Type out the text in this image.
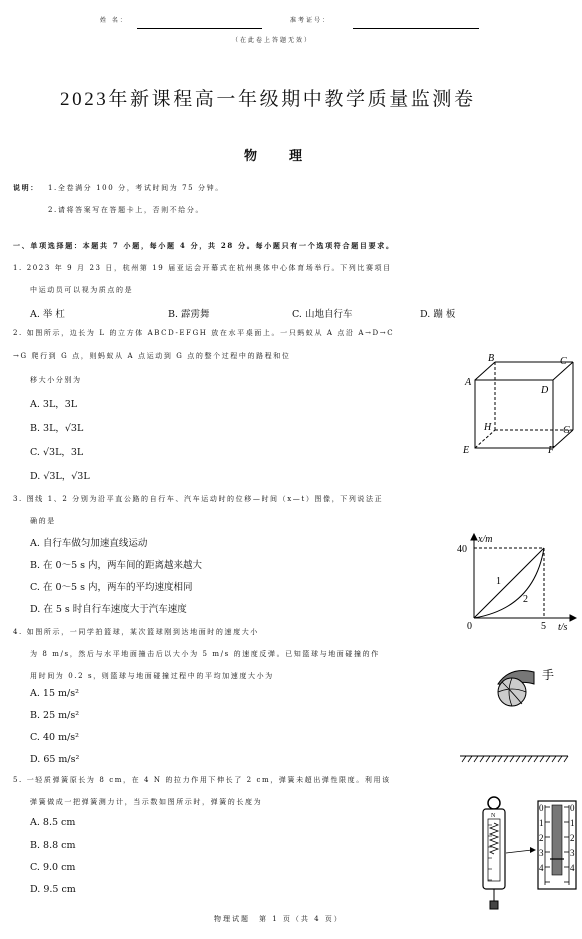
姓 名：	准考证号：
（在此卷上答题无效）
2023年新课程高一年级期中教学质量监测卷
物　　理
说明： 1.全卷满分 100 分，考试时间为 75 分钟。
2.请将答案写在答题卡上，否则不给分。
一、单项选择题：本题共 7 小题，每小题 4 分，共 28 分。每小题只有一个选项符合题目要求。
1. 2023 年 9 月 23 日，杭州第 19 届亚运会开幕式在杭州奥体中心体育场举行。下列比赛项目
中运动员可以视为质点的是
A. 举 杠	B. 霹雳舞	C. 山地自行车	D. 蹦 板
2. 如图所示，边长为 L 的立方体 ABCD-EFGH 放在水平桌面上。一只蚂蚁从 A 点沿 A→D→C
→G 爬行到 G 点，则蚂蚁从 A 点运动到 G 点的整个过程中的路程和位
移大小分别为
A. 3L，3L
B. 3L，√3L
C. √3L，3L
D. √3L，√3L
B	C
A
D
H	G
E	F
3. 图线 1、2 分别为沿平直公路的自行车、汽车运动时的位移—时间（x—t）图像，下列说法正
确的是
A. 自行车做匀加速直线运动
B. 在 0～5 s 内，两车间的距离越来越大
C. 在 0～5 s 内，两车的平均速度相同
D. 在 5 s 时自行车速度大于汽车速度
x/m
40
0	5 t/s
1
2
4. 如图所示，一同学拍篮球，某次篮球刚到达地面时的速度大小
为 8 m/s，然后与水平地面撞击后以大小为 5 m/s 的速度反弹。已知篮球与地面碰撞的作
用时间为 0.2 s，则篮球与地面碰撞过程中的平均加速度大小为
A. 15 m/s²
B. 25 m/s²
C. 40 m/s²
D. 65 m/s²
手
5. 一轻质弹簧原长为 8 cm，在 4 N 的拉力作用下伸长了 2 cm，弹簧未超出弹性限度。利用该
弹簧做成一把弹簧测力计，当示数如图所示时，弹簧的长度为
A. 8.5 cm
B. 8.8 cm
C. 9.0 cm
D. 9.5 cm
N
0
1
2
3
4
0
1
2
3
4
物理试题　第 1 页（共 4 页）
